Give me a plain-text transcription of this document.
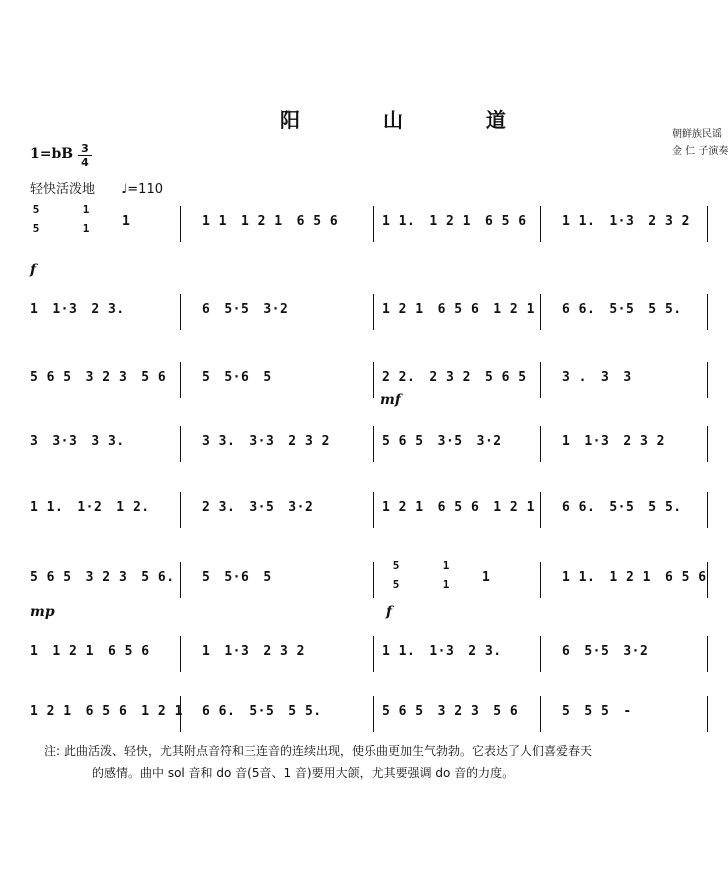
阳 山 道
朝鲜族民谣
金 仁 子演奏
1=bB 3
4
轻快活泼地 ♩=110
1	1 1 1 2 1 6 5 6	1 1. 1 2 1 6 5 6	1 1. 1·3 2 3 2
5
5
1
1
1 1·3 2 3.	6 5·5 3·2	1 2 1 6 5 6 1 2 1	6 6. 5·5 5 5.
5 6 5 3 2 3 5 6	5 5·6 5	2 2. 2 3 2 5 6 5	3 . 3 3
3 3·3 3 3.	3 3. 3·3 2 3 2	5 6 5 3·5 3·2	1 1·3 2 3 2
1 1. 1·2 1 2.	2 3. 3·5 3·2	1 2 1 6 5 6 1 2 1	6 6. 5·5 5 5.
5 6 5 3 2 3 5 6.	5 5·6 5	1	1 1. 1 2 1 6 5 6
5
5
1
1
1 1 2 1 6 5 6	1 1·3 2 3 2	1 1. 1·3 2 3.	6 5·5 3·2
1 2 1 6 5 6 1 2 1	6 6. 5·5 5 5.	5 6 5 3 2 3 5 6	5 5 5 -
f
mf
mp	f
注: 此曲活泼、轻快，尤其附点音符和三连音的连续出现，使乐曲更加生气勃勃。它表达了人们喜爱春天
的感情。曲中 sol 音和 do 音(5音、1 音)要用大颌，尤其要强调 do 音的力度。
